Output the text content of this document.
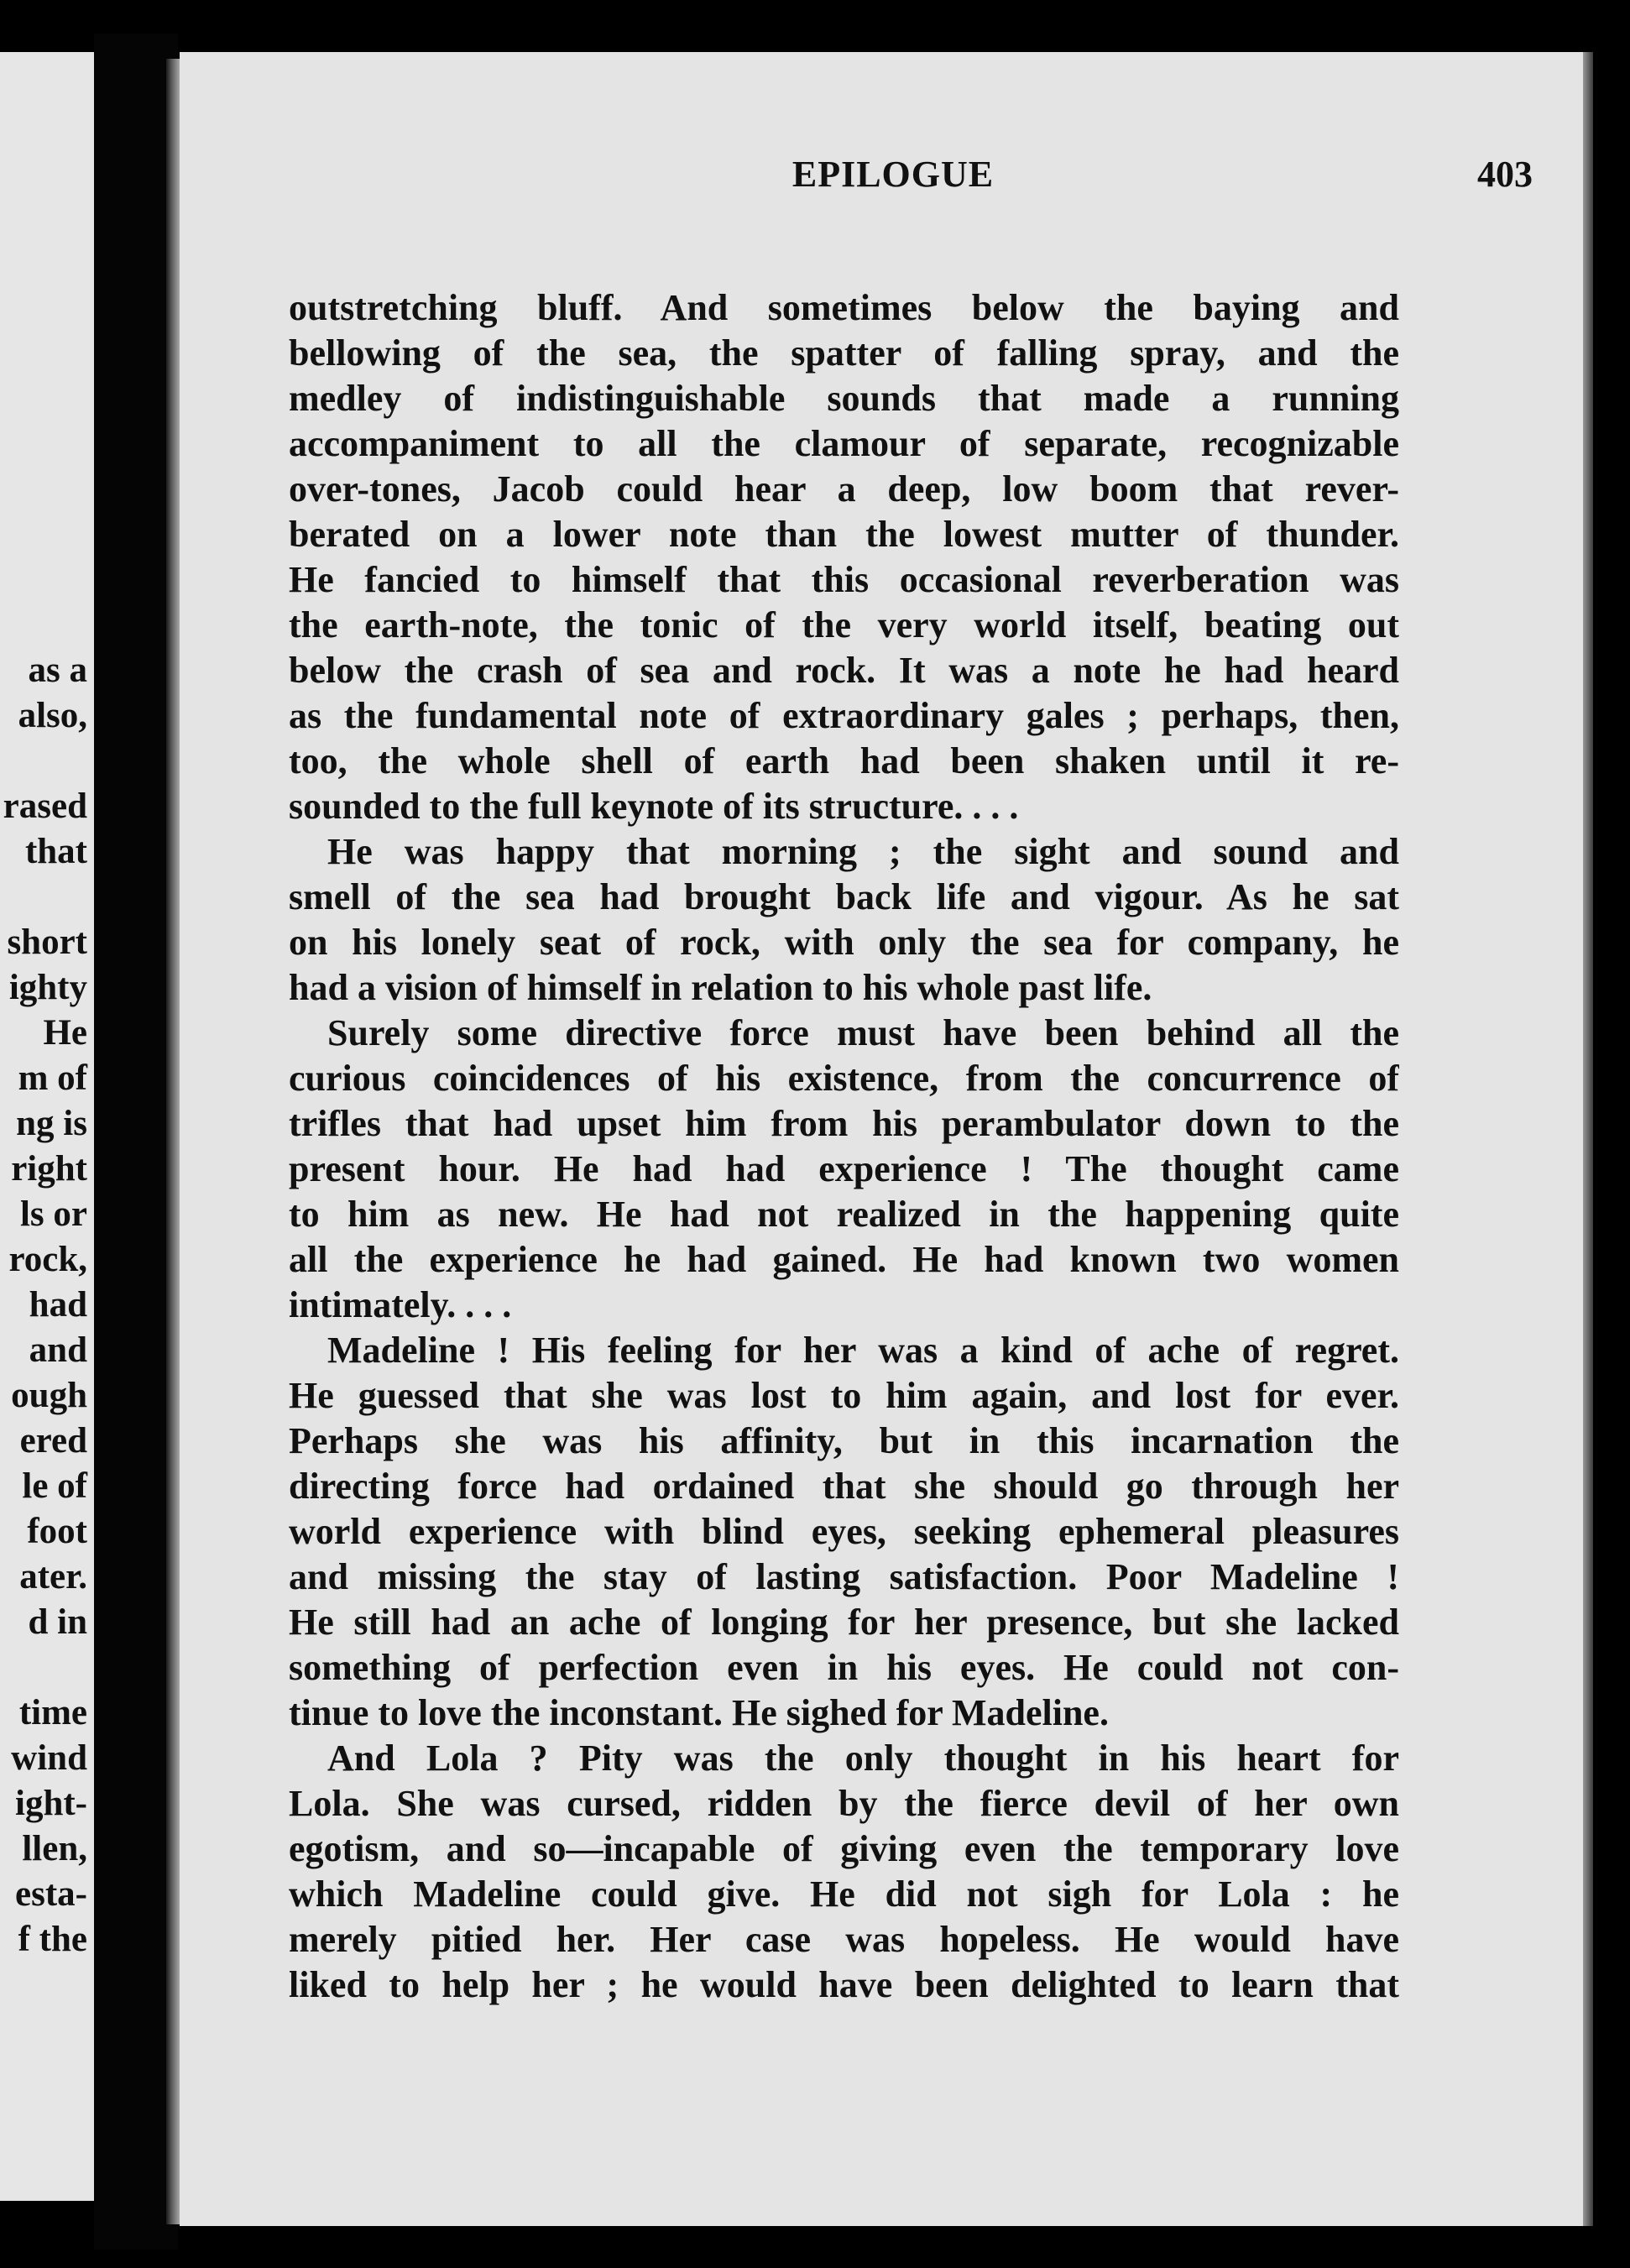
as a
also,
rased
that
short
ighty
He
m of
ng is
right
ls or
rock,
had
and
ough
ered
le of
foot
ater.
d in
time
wind
ight-
llen,
esta-
f the
EPILOGUE	403
outstretching bluff. And sometimes below the baying and
bellowing of the sea, the spatter of falling spray, and the
medley of indistinguishable sounds that made a running
accompaniment to all the clamour of separate, recognizable
over-tones, Jacob could hear a deep, low boom that rever-
berated on a lower note than the lowest mutter of thunder.
He fancied to himself that this occasional reverberation was
the earth-note, the tonic of the very world itself, beating out
below the crash of sea and rock. It was a note he had heard
as the fundamental note of extraordinary gales ; perhaps, then,
too, the whole shell of earth had been shaken until it re-
sounded to the full keynote of its structure. . . .
He was happy that morning ; the sight and sound and
smell of the sea had brought back life and vigour. As he sat
on his lonely seat of rock, with only the sea for company, he
had a vision of himself in relation to his whole past life.
Surely some directive force must have been behind all the
curious coincidences of his existence, from the concurrence of
trifles that had upset him from his perambulator down to the
present hour. He had had experience ! The thought came
to him as new. He had not realized in the happening quite
all the experience he had gained. He had known two women
intimately. . . .
Madeline ! His feeling for her was a kind of ache of regret.
He guessed that she was lost to him again, and lost for ever.
Perhaps she was his affinity, but in this incarnation the
directing force had ordained that she should go through her
world experience with blind eyes, seeking ephemeral pleasures
and missing the stay of lasting satisfaction. Poor Madeline !
He still had an ache of longing for her presence, but she lacked
something of perfection even in his eyes. He could not con-
tinue to love the inconstant. He sighed for Madeline.
And Lola ? Pity was the only thought in his heart for
Lola. She was cursed, ridden by the fierce devil of her own
egotism, and so—incapable of giving even the temporary love
which Madeline could give. He did not sigh for Lola : he
merely pitied her. Her case was hopeless. He would have
liked to help her ; he would have been delighted to learn that
